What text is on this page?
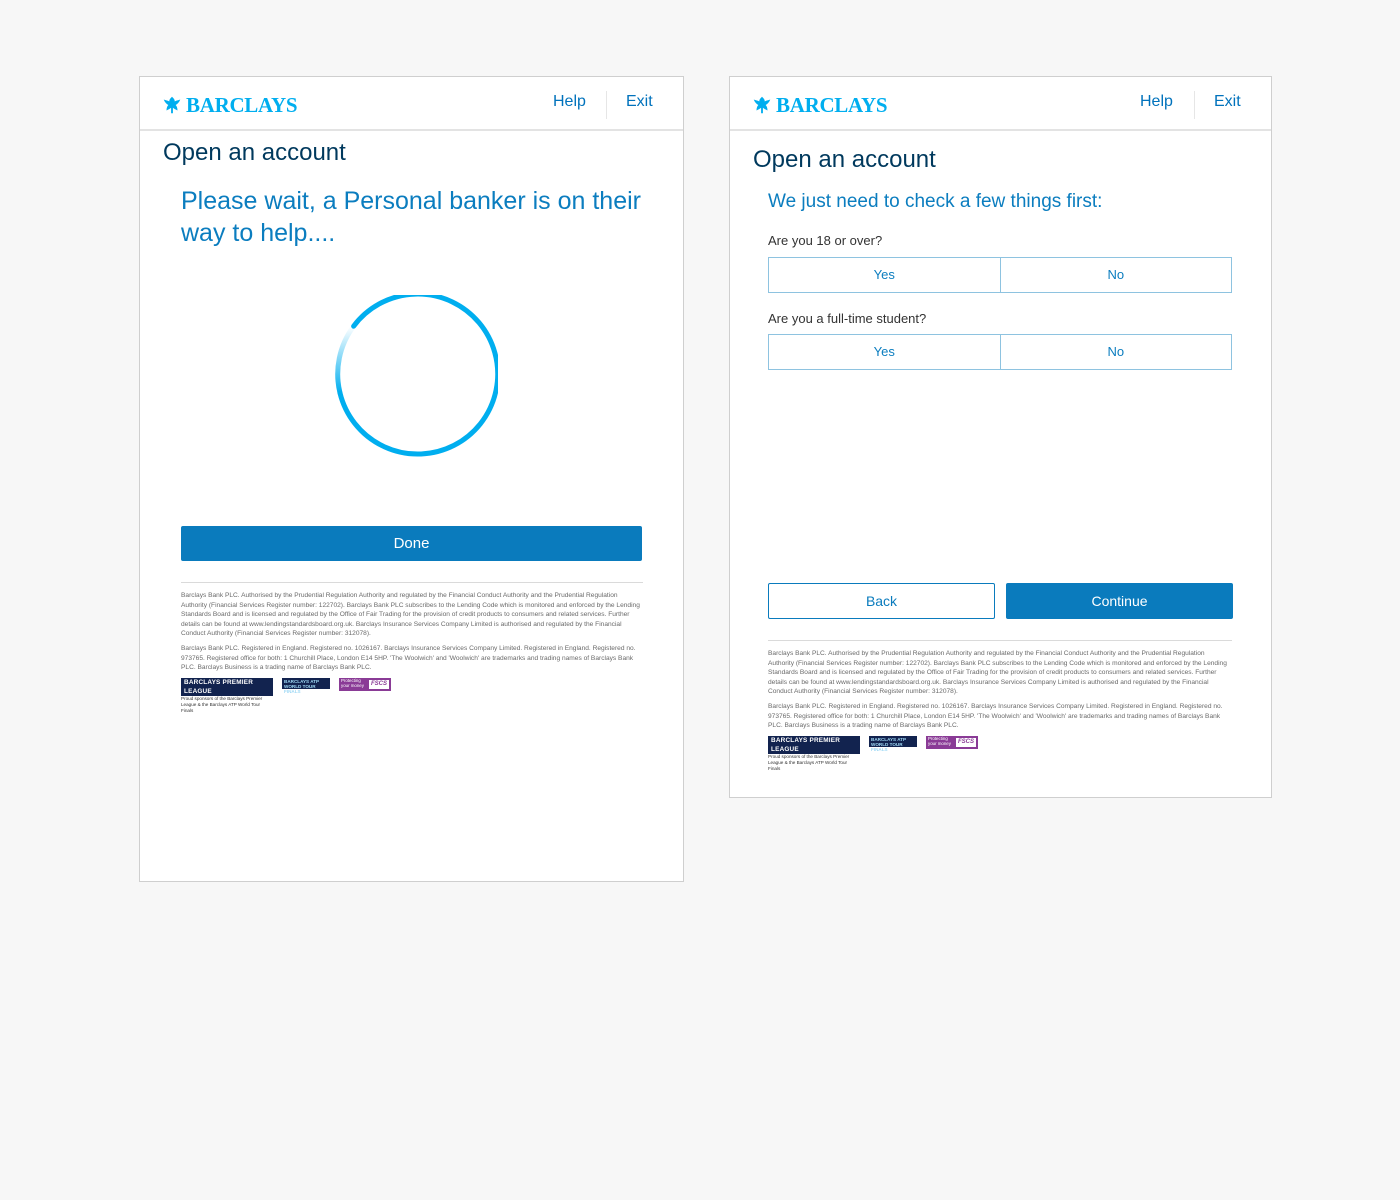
BARCLAYS	Help	Exit
Open an account
Please wait, a Personal banker is on their way to help....
Done

Barclays Bank PLC. Authorised by the Prudential Regulation Authority and regulated by the Financial Conduct Authority and the Prudential Regulation Authority (Financial Services Register number: 122702). Barclays Bank PLC subscribes to the Lending Code which is monitored and enforced by the Lending Standards Board and is licensed and regulated by the Office of Fair Trading for the provision of credit products to consumers and related services. Further details can be found at www.lendingstandardsboard.org.uk. Barclays Insurance Services Company Limited is authorised and regulated by the Financial Conduct Authority (Financial Services Register number: 312078).

Barclays Bank PLC. Registered in England. Registered no. 1026167. Barclays Insurance Services Company Limited. Registered in England. Registered no. 973765. Registered office for both: 1 Churchill Place, London E14 5HP. 'The Woolwich' and 'Woolwich' are trademarks and trading names of Barclays Bank PLC. Barclays Business is a trading name of Barclays Bank PLC.

BARCLAYS PREMIER LEAGUE
Proud sponsors of the Barclays Premier League & the Barclays ATP World Tour Finals
BARCLAYS ATP WORLD TOUR FINALS
Protecting your money	FSCS
BARCLAYS	Help	Exit
Open an account
We just need to check a few things first:
Are you 18 or over?
Yes	No
Are you a full-time student?
Yes	No
Back	Continue

Barclays Bank PLC. Authorised by the Prudential Regulation Authority and regulated by the Financial Conduct Authority and the Prudential Regulation Authority (Financial Services Register number: 122702). Barclays Bank PLC subscribes to the Lending Code which is monitored and enforced by the Lending Standards Board and is licensed and regulated by the Office of Fair Trading for the provision of credit products to consumers and related services. Further details can be found at www.lendingstandardsboard.org.uk. Barclays Insurance Services Company Limited is authorised and regulated by the Financial Conduct Authority (Financial Services Register number: 312078).

Barclays Bank PLC. Registered in England. Registered no. 1026167. Barclays Insurance Services Company Limited. Registered in England. Registered no. 973765. Registered office for both: 1 Churchill Place, London E14 5HP. 'The Woolwich' and 'Woolwich' are trademarks and trading names of Barclays Bank PLC. Barclays Business is a trading name of Barclays Bank PLC.

BARCLAYS PREMIER LEAGUE
Proud sponsors of the Barclays Premier League & the Barclays ATP World Tour Finals
BARCLAYS ATP WORLD TOUR FINALS
Protecting your money	FSCS
